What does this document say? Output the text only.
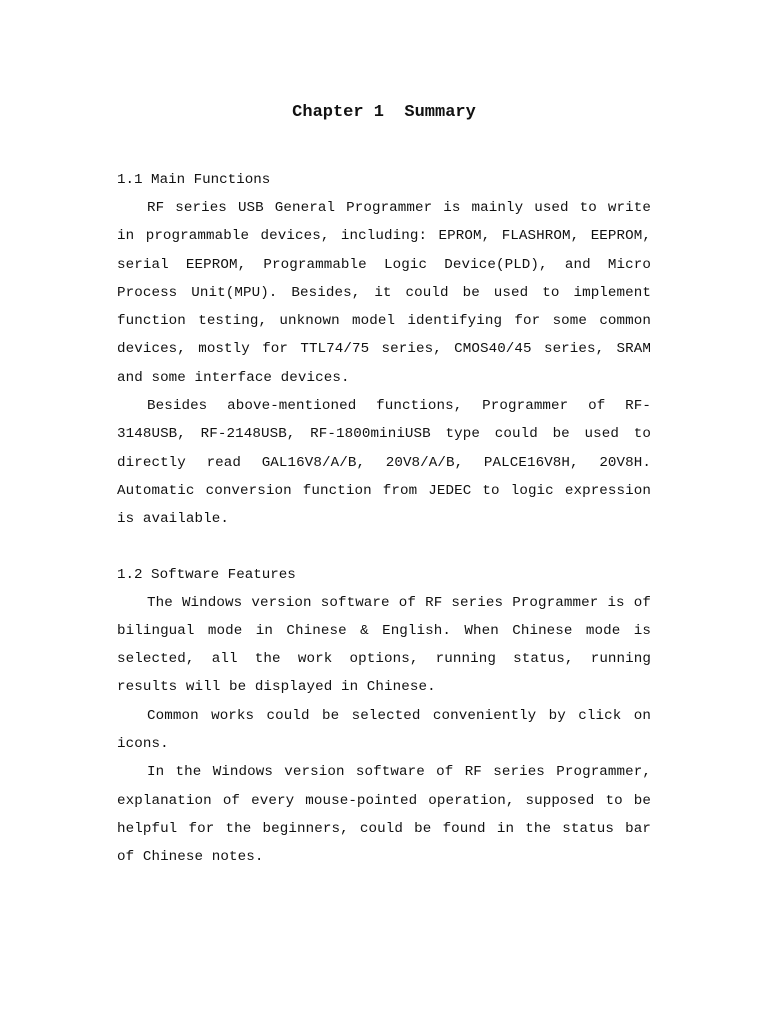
Chapter 1  Summary
1.1 Main Functions

RF series USB General Programmer is mainly used to write in programmable devices, including: EPROM, FLASHROM, EEPROM, serial EEPROM, Programmable Logic Device(PLD), and Micro Process Unit(MPU). Besides, it could be used to implement function testing, unknown model identifying for some common devices, mostly for TTL74/75 series, CMOS40/45 series, SRAM and some interface devices.

Besides above-mentioned functions, Programmer of RF-3148USB, RF-2148USB, RF-1800miniUSB type could be used to directly read GAL16V8/A/B, 20V8/A/B, PALCE16V8H, 20V8H. Automatic conversion function from JEDEC to logic expression is available.

1.2 Software Features

The Windows version software of RF series Programmer is of bilingual mode in Chinese & English. When Chinese mode is selected, all the work options, running status, running results will be displayed in Chinese.

Common works could be selected conveniently by click on icons.

In the Windows version software of RF series Programmer, explanation of every mouse-pointed operation, supposed to be helpful for the beginners, could be found in the status bar of Chinese notes.
